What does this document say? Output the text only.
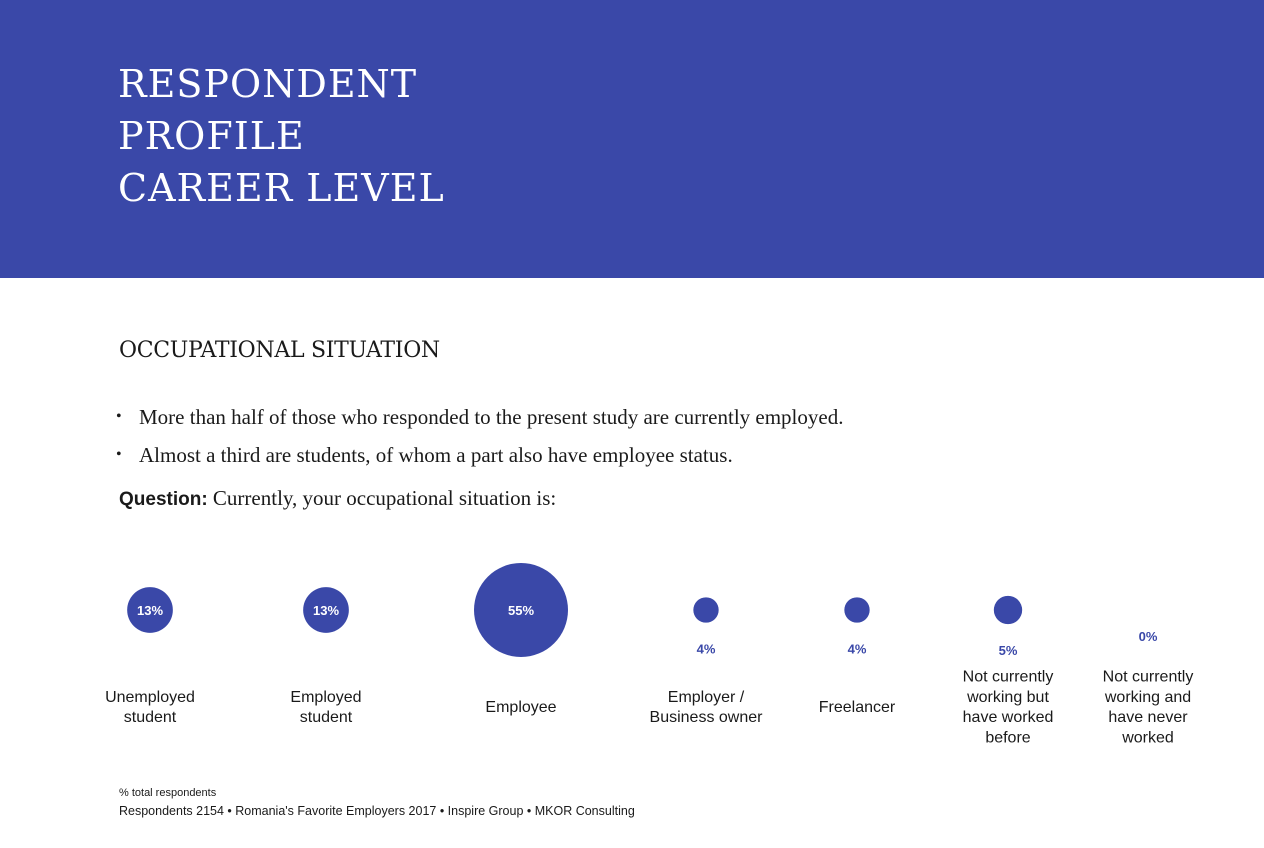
RESPONDENT
PROFILE
CAREER LEVEL
OCCUPATIONAL SITUATION
• More than half of those who responded to the present study are currently employed.
• Almost a third are students, of whom a part also have employee status.
Question: Currently, your occupational situation is:
13%
Unemployed
student
13%
Employed
student
55%
Employee
4%
Employer /
Business owner
4%
Freelancer
5%
Not currently
working but
have worked
before
0%
Not currently
working and
have never
worked
% total respondents
Respondents 2154 • Romania's Favorite Employers 2017 • Inspire Group • MKOR Consulting
